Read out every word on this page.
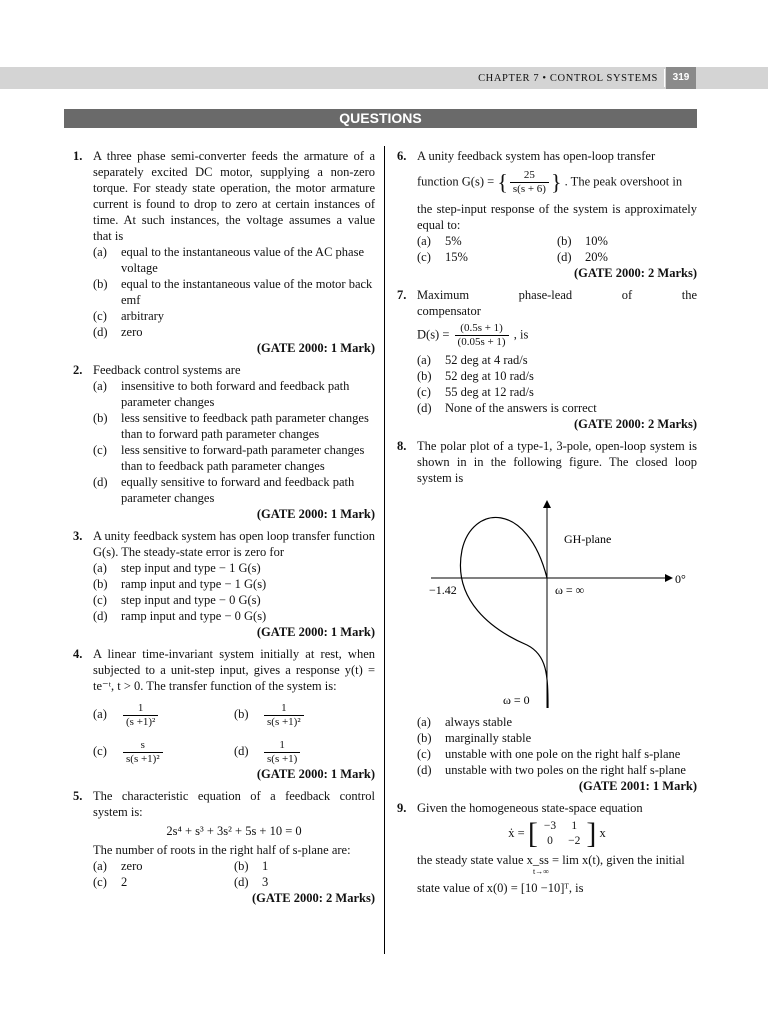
CHAPTER 7 • CONTROL SYSTEMS	319
QUESTIONS
1. A three phase semi-converter feeds the armature of a separately excited DC motor, supplying a non-zero torque. For steady state operation, the motor armature current is found to drop to zero at certain instances of time. At such instances, the voltage assumes a value that is
(a) equal to the instantaneous value of the AC phase voltage
(b) equal to the instantaneous value of the motor back emf
(c) arbitrary
(d) zero
(GATE 2000: 1 Mark)
2. Feedback control systems are
(a) insensitive to both forward and feedback path parameter changes
(b) less sensitive to feedback path parameter changes than to forward path parameter changes
(c) less sensitive to forward-path parameter changes than to feedback path parameter changes
(d) equally sensitive to forward and feedback path parameter changes
(GATE 2000: 1 Mark)
3. A unity feedback system has open loop transfer function G(s). The steady-state error is zero for
(a) step input and type − 1 G(s)
(b) ramp input and type − 1 G(s)
(c) step input and type − 0 G(s)
(d) ramp input and type − 0 G(s)
(GATE 2000: 1 Mark)
4. A linear time-invariant system initially at rest, when subjected to a unit-step input, gives a response y(t) = te⁻ᵗ, t > 0. The transfer function of the system is:
$(a) \frac{1}{\text{(s +1)²}}$	$(b) \frac{1}{\text{s(s +1)²}}$
$(c) \frac{s}{\text{s(s +1)²}}$	$(d) \frac{1}{s(s +1)}$
(GATE 2000: 1 Mark)
5. The characteristic equation of a feedback control system is:
2s⁴ + s³ + 3s² + 5s + 10 = 0
The number of roots in the right half of s-plane are:
(a) zero	(b) 1
(c) 2	(d) 3
(GATE 2000: 2 Marks)
6. A unity feedback system has open-loop transfer
function G(s) = { $\frac{25}{s(s + 6)}$ } . The peak overshoot in
the step-input response of the system is approximately equal to:
(a) 5%	(b) 10%
(c) 15%	(d) 20%
(GATE 2000: 2 Marks)
7. Maximum phase-lead of the compensator
$D(s) = \frac{(0.5s + 1)}{(0.05s + 1)}$ , is
(a) 52 deg at 4 rad/s
(b) 52 deg at 10 rad/s
(c) 55 deg at 12 rad/s
(d) None of the answers is correct
(GATE 2000: 2 Marks)
8. The polar plot of a type-1, 3-pole, open-loop system is shown in in the following figure. The closed loop system is
GH-plane
−1.42
0°
ω = ∞
ω = 0
(a) always stable
(b) marginally stable
(c) unstable with one pole on the right half s-plane
(d) unstable with two poles on the right half s-plane
(GATE 2001: 1 Mark)
9. Given the homogeneous state-space equation
ẋ = [ −3	1
0	−2 ] x
the steady state value x_ss = lim x(t), given the initial
t→∞
state value of x(0) = [10 −10]ᵀ, is
